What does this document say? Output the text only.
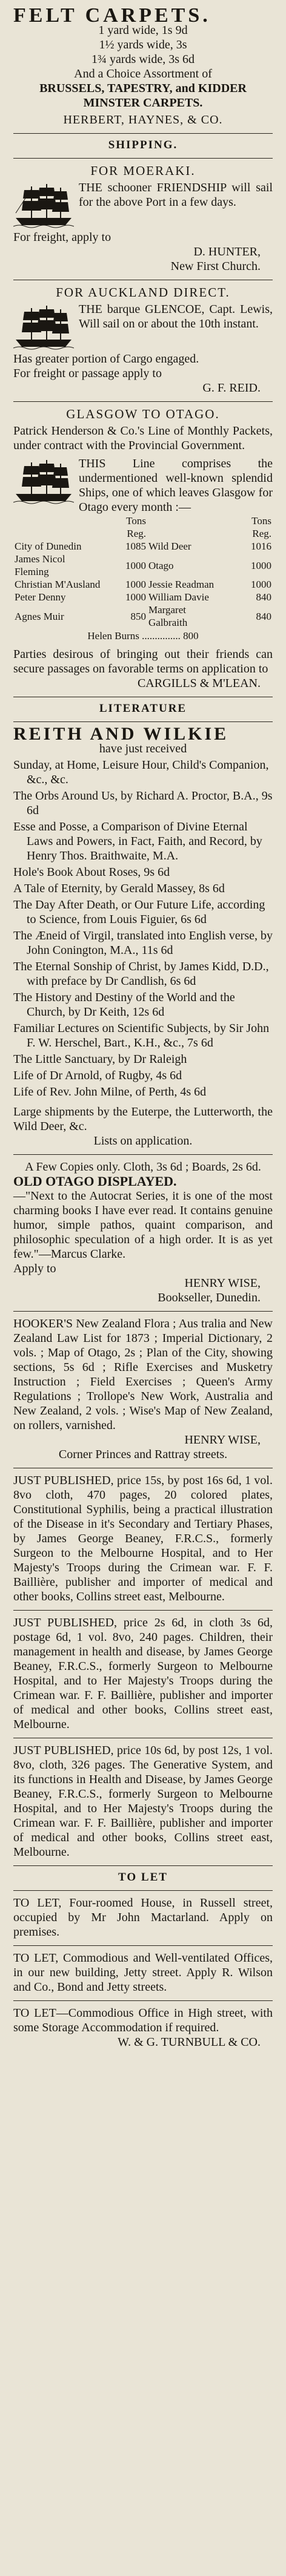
FELT CARPETS.
1 yard wide, 1s 9d
1½ yards wide, 3s
1¾ yards wide, 3s 6d
And a Choice Assortment of
BRUSSELS, TAPESTRY, and KIDDER MINSTER CARPETS.
HERBERT, HAYNES, & CO.
SHIPPING.
FOR MOERAKI.
THE schooner FRIENDSHIP will sail for the above Port in a few days.
For freight, apply to
D. HUNTER,
New First Church.
FOR AUCKLAND DIRECT.
THE barque GLENCOE, Capt. Lewis, Will sail on or about the 10th instant.
Has greater portion of Cargo engaged.
For freight or passage apply to
G. F. REID.
GLASGOW TO OTAGO.
Patrick Henderson & Co.'s Line of Monthly Packets, under contract with the Provincial Government.
THIS Line comprises the undermentioned well-known splendid Ships, one of which leaves Glasgow for Otago every month :—
	Tons Reg.		Tons Reg.
City of Dunedin	1085	Wild Deer	1016
James Nicol Fleming	1000	Otago	1000
Christian M'Ausland	1000	Jessie Readman	1000
Peter Denny	1000	William Davie	840
Agnes Muir	850	Margaret Galbraith	840
Helen Burns ............... 800
Parties desirous of bringing out their friends can secure passages on favorable terms on application to
CARGILLS & M'LEAN.
LITERATURE
REITH AND WILKIE
have just received
Sunday, at Home, Leisure Hour, Child's Companion, &c., &c.
The Orbs Around Us, by Richard A. Proctor, B.A., 9s 6d
Esse and Posse, a Comparison of Divine Eternal Laws and Powers, in Fact, Faith, and Record, by Henry Thos. Braithwaite, M.A.
Hole's Book About Roses, 9s 6d
A Tale of Eternity, by Gerald Massey, 8s 6d
The Day After Death, or Our Future Life, according to Science, from Louis Figuier, 6s 6d
The Æneid of Virgil, translated into English verse, by John Conington, M.A., 11s 6d
The Eternal Sonship of Christ, by James Kidd, D.D., with preface by Dr Candlish, 6s 6d
The History and Destiny of the World and the Church, by Dr Keith, 12s 6d
Familiar Lectures on Scientific Subjects, by Sir John F. W. Herschel, Bart., K.H., &c., 7s 6d
The Little Sanctuary, by Dr Raleigh
Life of Dr Arnold, of Rugby, 4s 6d
Life of Rev. John Milne, of Perth, 4s 6d
Large shipments by the Euterpe, the Lutterworth, the Wild Deer, &c.
Lists on application.
A Few Copies only. Cloth, 3s 6d ; Boards, 2s 6d.
OLD OTAGO DISPLAYED.
—"Next to the Autocrat Series, it is one of the most charming books I have ever read. It contains genuine humor, simple pathos, quaint comparison, and philosophic speculation of a high order. It is as yet few."—Marcus Clarke.
Apply to
HENRY WISE,
Bookseller, Dunedin.
HOOKER'S New Zealand Flora ; Aus tralia and New Zealand Law List for 1873 ; Imperial Dictionary, 2 vols. ; Map of Otago, 2s ; Plan of the City, showing sections, 5s 6d ; Rifle Exercises and Musketry Instruction ; Field Exercises ; Queen's Army Regulations ; Trollope's New Work, Australia and New Zealand, 2 vols. ; Wise's Map of New Zealand, on rollers, varnished.
HENRY WISE,
Corner Princes and Rattray streets.
JUST PUBLISHED, price 15s, by post 16s 6d, 1 vol. 8vo cloth, 470 pages, 20 colored plates, Constitutional Syphilis, being a practical illustration of the Disease in it's Secondary and Tertiary Phases, by James George Beaney, F.R.C.S., formerly Surgeon to the Melbourne Hospital, and to Her Majesty's Troops during the Crimean war. F. F. Baillière, publisher and importer of medical and other books, Collins street east, Melbourne.
JUST PUBLISHED, price 2s 6d, in cloth 3s 6d, postage 6d, 1 vol. 8vo, 240 pages. Children, their management in health and disease, by James George Beaney, F.R.C.S., formerly Surgeon to Melbourne Hospital, and to Her Majesty's Troops during the Crimean war. F. F. Baillière, publisher and importer of medical and other books, Collins street east, Melbourne.
JUST PUBLISHED, price 10s 6d, by post 12s, 1 vol. 8vo, cloth, 326 pages. The Generative System, and its functions in Health and Disease, by James George Beaney, F.R.C.S., formerly Surgeon to Melbourne Hospital, and to Her Majesty's Troops during the Crimean war. F. F. Baillière, publisher and importer of medical and other books, Collins street east, Melbourne.
TO LET
TO LET, Four-roomed House, in Russell street, occupied by Mr John Mactarland. Apply on premises.
TO LET, Commodious and Well-ventilated Offices, in our new building, Jetty street. Apply R. Wilson and Co., Bond and Jetty streets.
TO LET—Commodious Office in High street, with some Storage Accommodation if required.
W. & G. TURNBULL & CO.
